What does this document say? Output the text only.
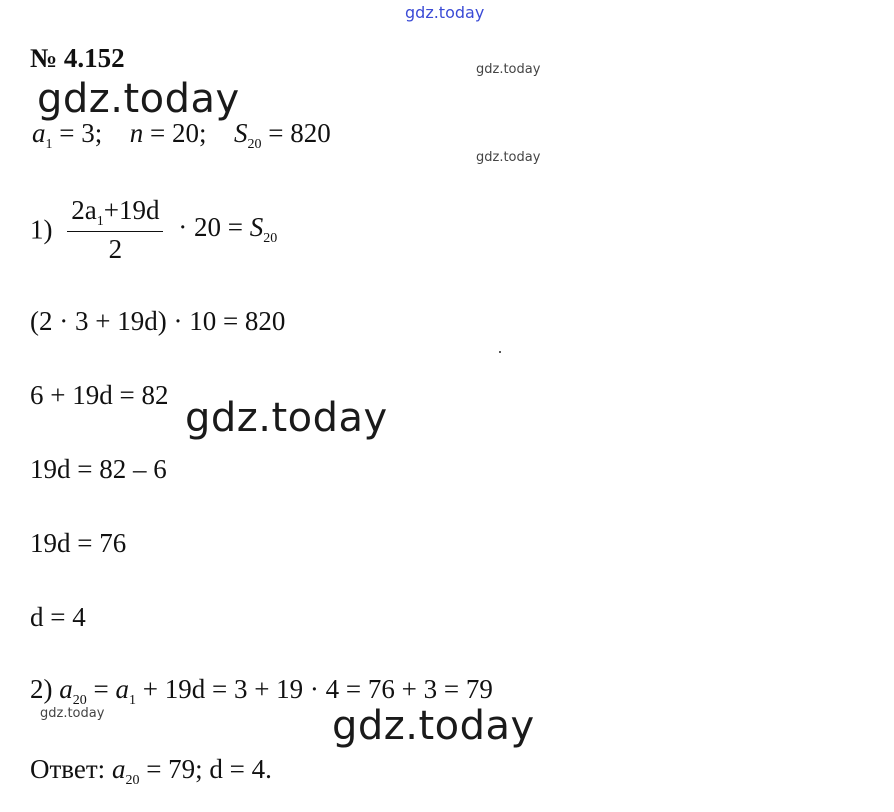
gdz.today
gdz.today
gdz.today
gdz.today
gdz.today
gdz.today
gdz.today
№ 4.152
$a_1 = 3$; n = 20; $S_{20} = 820$
$1) \frac{2a_1+19d}{2} \cdot 20 = S_{20}$
(2 · 3 + 19d) · 10 = 820
6 + 19d = 82
19d = 82 – 6
19d = 76
d = 4
2) $a_{20} = a_1 + 19d = 3 + 19 \cdot 4 = 76 + 3 = 79$
Ответ: $a_{20} = 79$; d = 4.
